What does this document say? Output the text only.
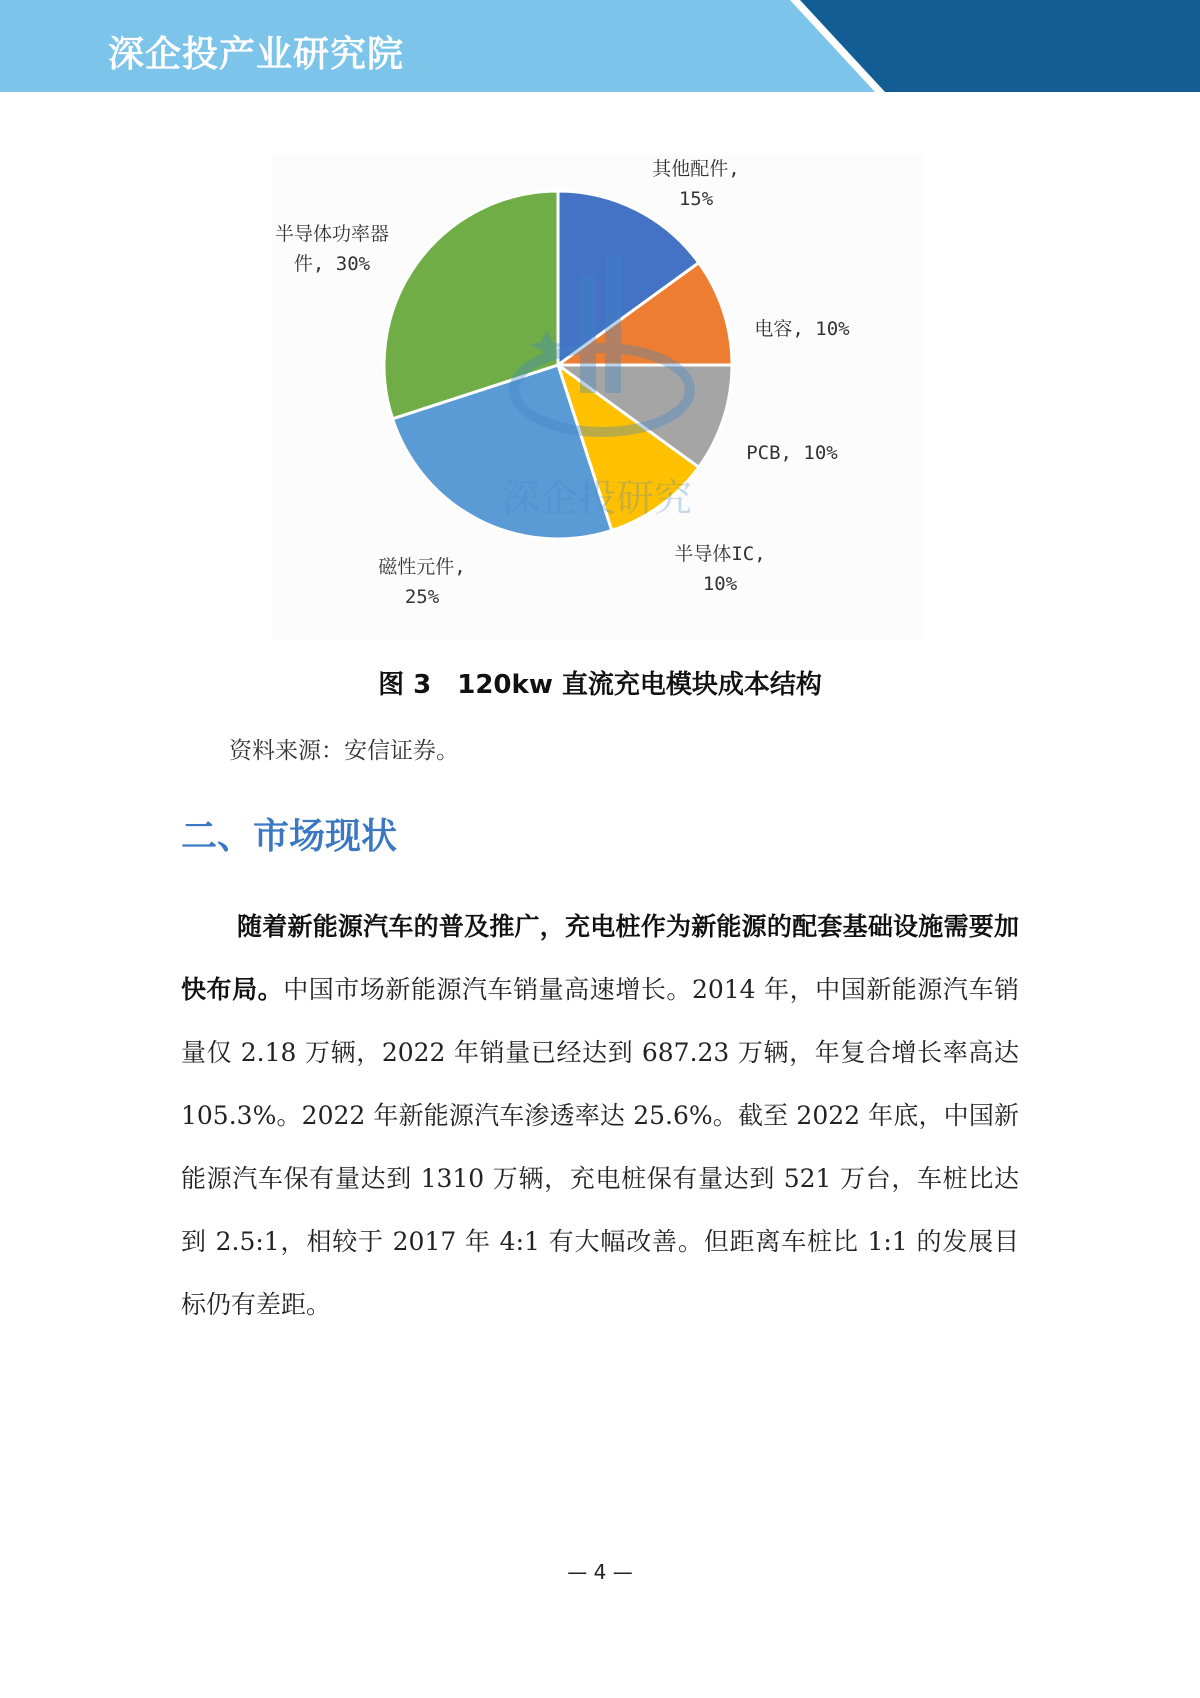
深企投产业研究院
深企投研究
其他配件, 15%
电容, 10%
PCB, 10%
半导体IC, 10%
磁性元件, 25%
半导体功率器件, 30%
图 3　120kw 直流充电模块成本结构
资料来源：安信证券。
二、市场现状

随着新能源汽车的普及推广，充电桩作为新能源的配套基础设施需要加快布局。中国市场新能源汽车销量高速增长。2014 年，中国新能源汽车销量仅 2.18 万辆，2022 年销量已经达到 687.23 万辆，年复合增长率高达 105.3%。2022 年新能源汽车渗透率达 25.6%。截至 2022 年底，中国新能源汽车保有量达到 1310 万辆，充电桩保有量达到 521 万台，车桩比达到 2.5:1，相较于 2017 年 4:1 有大幅改善。但距离车桩比 1:1 的发展目标仍有差距。

— 4 —
